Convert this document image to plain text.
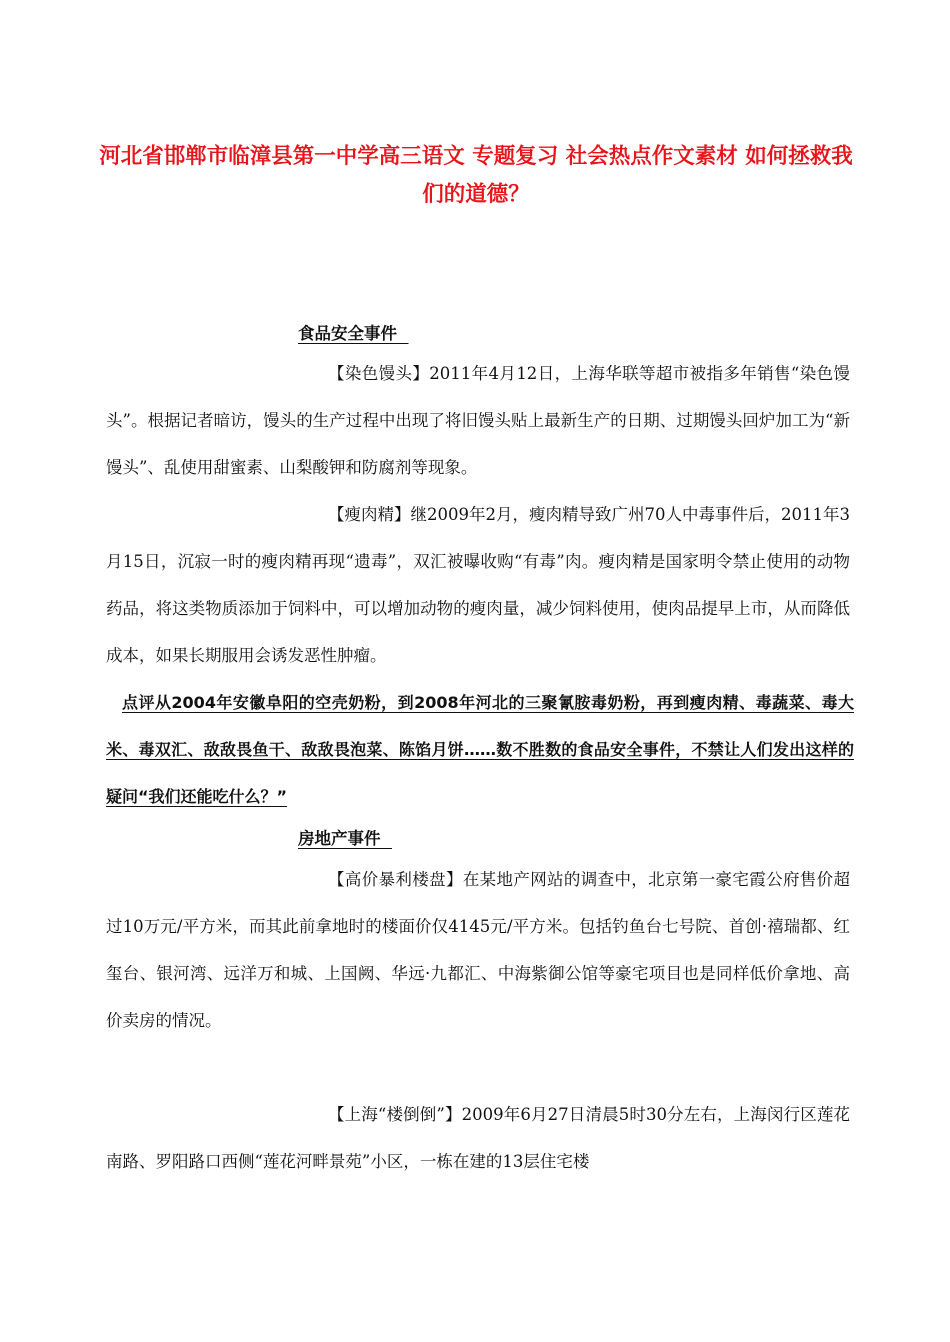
河北省邯郸市临漳县第一中学高三语文 专题复习 社会热点作文素材 如何拯救我们的道德？
食品安全事件

【染色馒头】2011年4月12日，上海华联等超市被指多年销售“染色馒头”。根据记者暗访，馒头的生产过程中出现了将旧馒头贴上最新生产的日期、过期馒头回炉加工为“新馒头”、乱使用甜蜜素、山梨酸钾和防腐剂等现象。

【瘦肉精】继2009年2月，瘦肉精导致广州70人中毒事件后，2011年3月15日，沉寂一时的瘦肉精再现“遗毒”，双汇被曝收购“有毒”肉。瘦肉精是国家明令禁止使用的动物药品，将这类物质添加于饲料中，可以增加动物的瘦肉量，减少饲料使用，使肉品提早上市，从而降低成本，如果长期服用会诱发恶性肿瘤。

点评从2004年安徽阜阳的空壳奶粉，到2008年河北的三聚氰胺毒奶粉，再到瘦肉精、毒蔬菜、毒大米、毒双汇、敌敌畏鱼干、敌敌畏泡菜、陈馅月饼……数不胜数的食品安全事件，不禁让人们发出这样的疑问“我们还能吃什么？”

房地产事件

【高价暴利楼盘】在某地产网站的调查中，北京第一豪宅霞公府售价超过10万元/平方米，而其此前拿地时的楼面价仅4145元/平方米。包括钓鱼台七号院、首创·禧瑞都、红玺台、银河湾、远洋万和城、上国阙、华远·九都汇、中海紫御公馆等豪宅项目也是同样低价拿地、高价卖房的情况。

【上海“楼倒倒”】2009年6月27日清晨5时30分左右，上海闵行区莲花南路、罗阳路口西侧“莲花河畔景苑”小区，一栋在建的13层住宅楼
